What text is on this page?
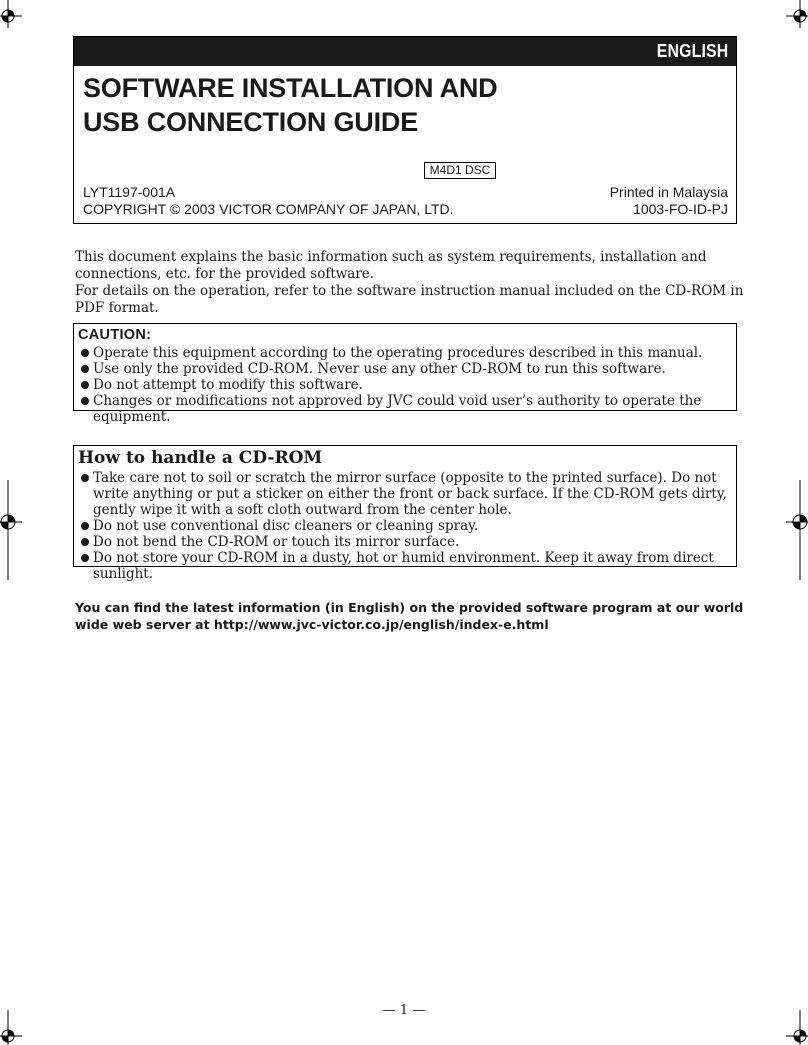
ENGLISH
SOFTWARE INSTALLATION AND
USB CONNECTION GUIDE
LYT1197-001A
COPYRIGHT © 2003 VICTOR COMPANY OF JAPAN, LTD.
Printed in Malaysia
1003-FO-ID-PJ
M4D1 DSC

This document explains the basic information such as system requirements, installation and connections, etc. for the provided software.

For details on the operation, refer to the software instruction manual included on the CD-ROM in PDF format.

CAUTION:
Operate this equipment according to the operating procedures described in this manual.
Use only the provided CD-ROM. Never use any other CD-ROM to run this software.
Do not attempt to modify this software.
Changes or modifications not approved by JVC could void user’s authority to operate the equipment.
How to handle a CD-ROM
Take care not to soil or scratch the mirror surface (opposite to the printed surface). Do not write anything or put a sticker on either the front or back surface. If the CD-ROM gets dirty, gently wipe it with a soft cloth outward from the center hole.
Do not use conventional disc cleaners or cleaning spray.
Do not bend the CD-ROM or touch its mirror surface.
Do not store your CD-ROM in a dusty, hot or humid environment. Keep it away from direct sunlight.
You can find the latest information (in English) on the provided software program at our world wide web server at http://www.jvc-victor.co.jp/english/index-e.html
— 1 —
